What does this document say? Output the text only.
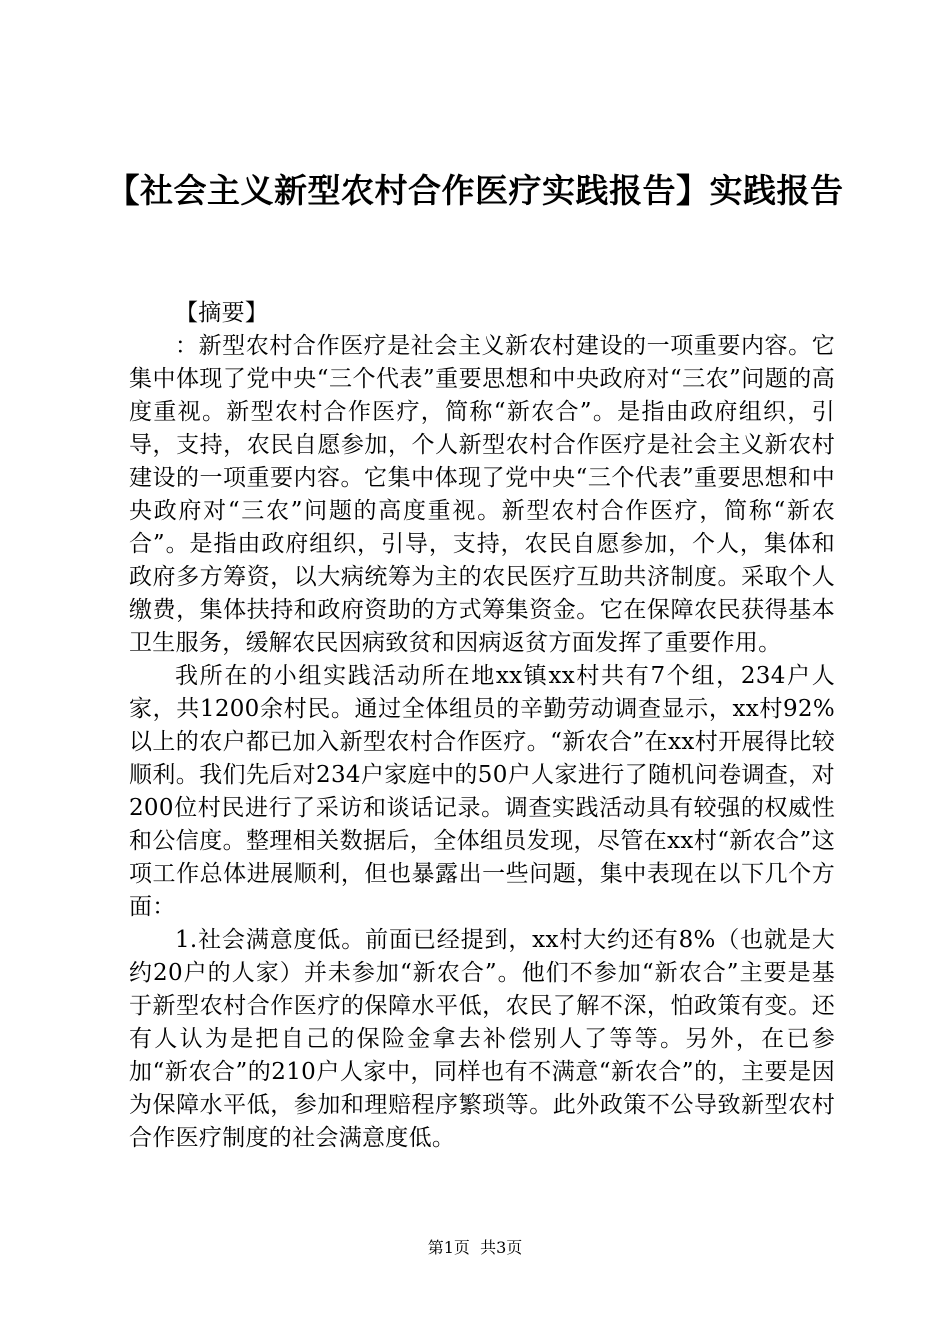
【社会主义新型农村合作医疗实践报告】实践报告

【摘要】

：新型农村合作医疗是社会主义新农村建设的一项重要内容。它集中体现了党中央“三个代表”重要思想和中央政府对“三农”问题的高度重视。新型农村合作医疗，简称“新农合”。是指由政府组织，引导，支持，农民自愿参加，个人新型农村合作医疗是社会主义新农村建设的一项重要内容。它集中体现了党中央“三个代表”重要思想和中央政府对“三农”问题的高度重视。新型农村合作医疗，简称“新农合”。是指由政府组织，引导，支持，农民自愿参加，个人，集体和政府多方筹资，以大病统筹为主的农民医疗互助共济制度。采取个人缴费，集体扶持和政府资助的方式筹集资金。它在保障农民获得基本卫生服务，缓解农民因病致贫和因病返贫方面发挥了重要作用。

我所在的小组实践活动所在地xx镇xx村共有7个组，234户人家，共1200余村民。通过全体组员的辛勤劳动调查显示，xx村92%以上的农户都已加入新型农村合作医疗。“新农合”在xx村开展得比较顺利。我们先后对234户家庭中的50户人家进行了随机问卷调查，对200位村民进行了采访和谈话记录。调查实践活动具有较强的权威性和公信度。整理相关数据后，全体组员发现，尽管在xx村“新农合”这项工作总体进展顺利，但也暴露出一些问题，集中表现在以下几个方面：

1.社会满意度低。前面已经提到，xx村大约还有8%（也就是大约20户的人家）并未参加“新农合”。他们不参加“新农合”主要是基于新型农村合作医疗的保障水平低，农民了解不深，怕政策有变。还有人认为是把自己的保险金拿去补偿别人了等等。另外，在已参加“新农合”的210户人家中，同样也有不满意“新农合”的，主要是因为保障水平低，参加和理赔程序繁琐等。此外政策不公导致新型农村合作医疗制度的社会满意度低。

第1页 共3页
